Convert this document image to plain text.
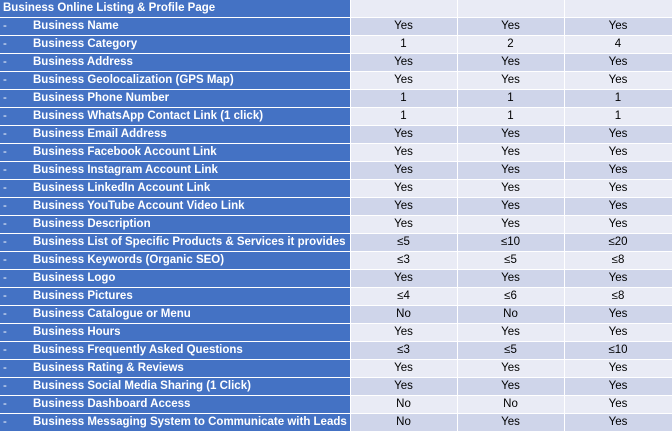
Business Online Listing & Profile Page			
- Business Name	Yes	Yes	Yes
- Business Category	1	2	4
- Business Address	Yes	Yes	Yes
- Business Geolocalization (GPS Map)	Yes	Yes	Yes
- Business Phone Number	1	1	1
- Business WhatsApp Contact Link (1 click)	1	1	1
- Business Email Address	Yes	Yes	Yes
- Business Facebook Account Link	Yes	Yes	Yes
- Business Instagram Account Link	Yes	Yes	Yes
- Business LinkedIn Account Link	Yes	Yes	Yes
- Business YouTube Account Video Link	Yes	Yes	Yes
- Business Description	Yes	Yes	Yes
- Business List of Specific Products & Services it provides	≤5	≤10	≤20
- Business Keywords (Organic SEO)	≤3	≤5	≤8
- Business Logo	Yes	Yes	Yes
- Business Pictures	≤4	≤6	≤8
- Business Catalogue or Menu	No	No	Yes
- Business Hours	Yes	Yes	Yes
- Business Frequently Asked Questions	≤3	≤5	≤10
- Business Rating & Reviews	Yes	Yes	Yes
- Business Social Media Sharing (1 Click)	Yes	Yes	Yes
- Business Dashboard Access	No	No	Yes
- Business Messaging System to Communicate with Leads	No	Yes	Yes
